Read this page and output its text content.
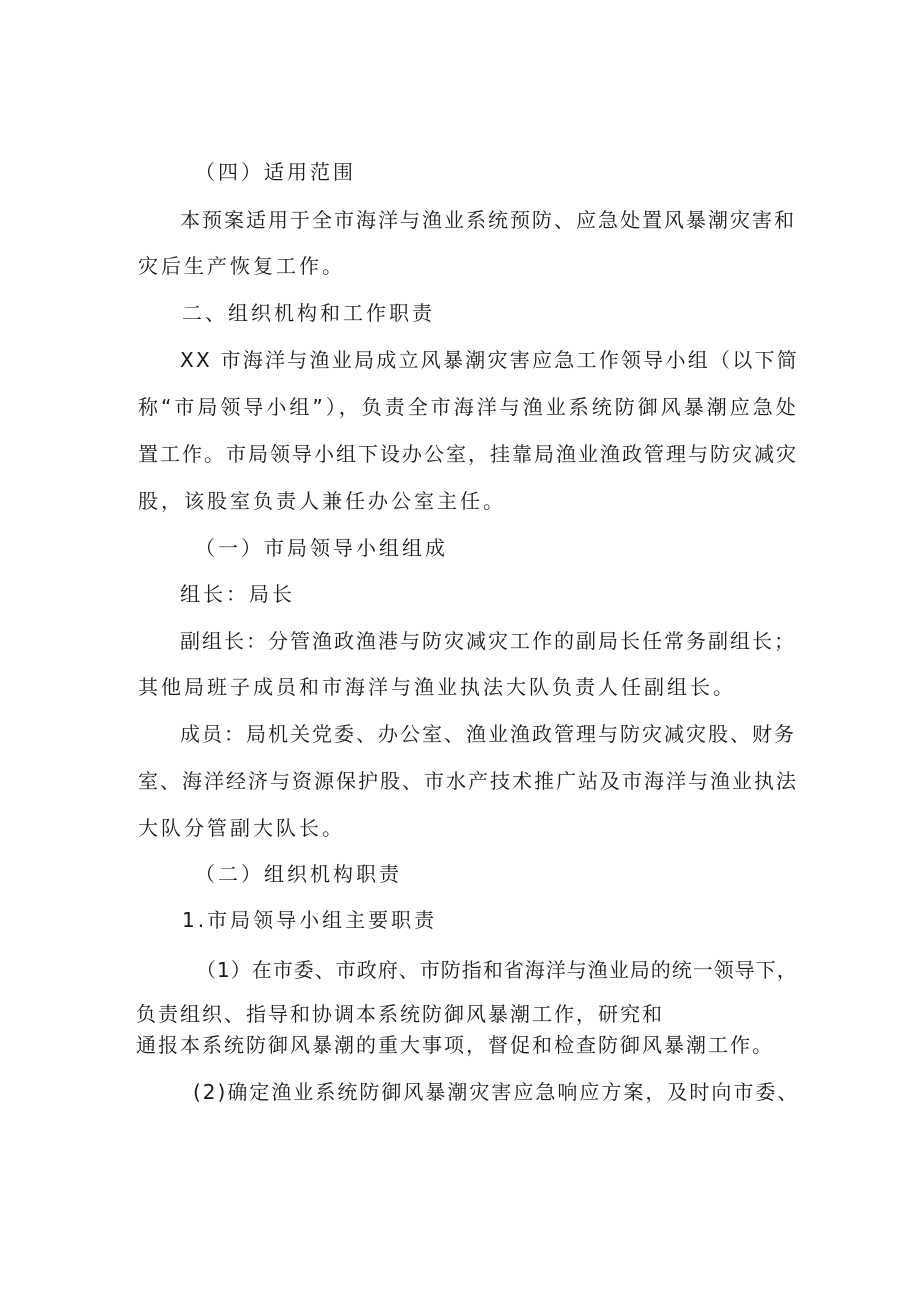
（四）适用范围
本预案适用于全市海洋与渔业系统预防、应急处置风暴潮灾害和
灾后生产恢复工作。
二、组织机构和工作职责
XX 市海洋与渔业局成立风暴潮灾害应急工作领导小组（以下简
称“市局领导小组”），负责全市海洋与渔业系统防御风暴潮应急处
置工作。市局领导小组下设办公室，挂靠局渔业渔政管理与防灾减灾
股，该股室负责人兼任办公室主任。
（一）市局领导小组组成
组长：局长
副组长：分管渔政渔港与防灾减灾工作的副局长任常务副组长；
其他局班子成员和市海洋与渔业执法大队负责人任副组长。
成员：局机关党委、办公室、渔业渔政管理与防灾减灾股、财务
室、海洋经济与资源保护股、市水产技术推广站及市海洋与渔业执法
大队分管副大队长。
（二）组织机构职责
1.市局领导小组主要职责
（1）在市委、市政府、市防指和省海洋与渔业局的统一领导下，
负责组织、指导和协调本系统防御风暴潮工作，研究和
通报本系统防御风暴潮的重大事项，督促和检查防御风暴潮工作。
(2)确定渔业系统防御风暴潮灾害应急响应方案，及时向市委、
